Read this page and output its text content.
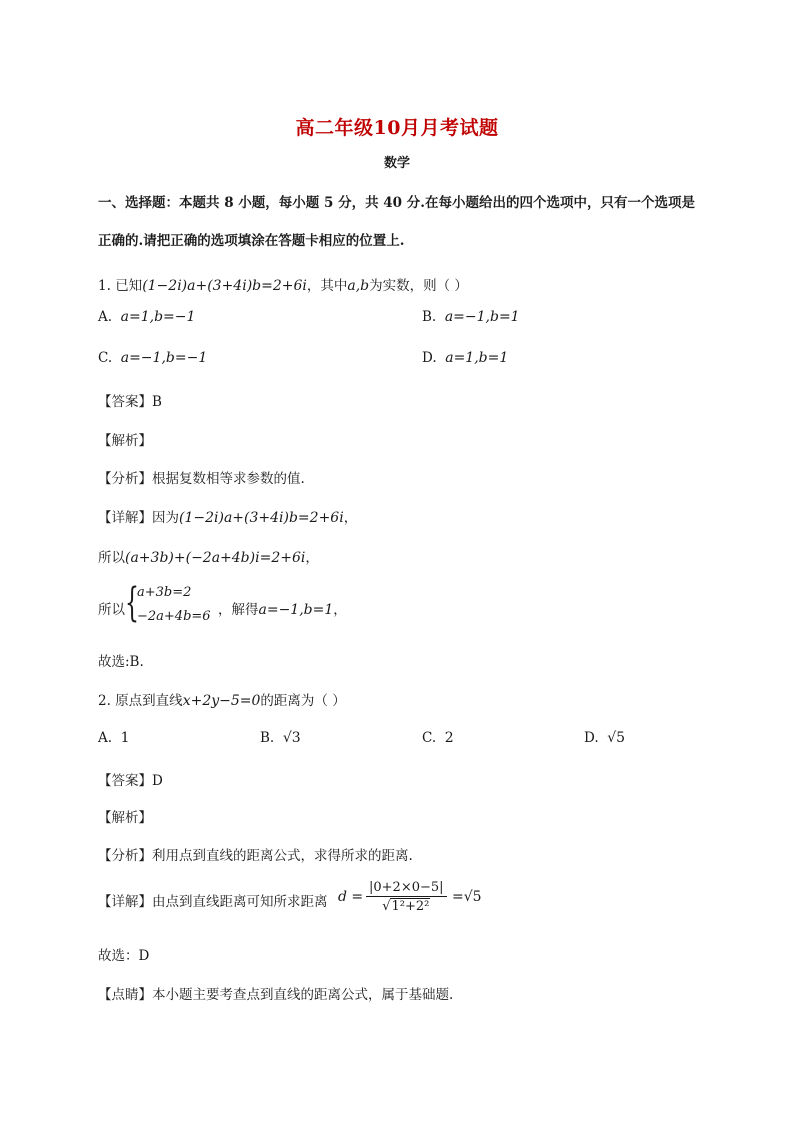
高二年级10月月考试题
数学
一、选择题：本题共 8 小题，每小题 5 分，共 40 分.在每小题给出的四个选项中，只有一个选项是
正确的.请把正确的选项填涂在答题卡相应的位置上.
1. 已知(1−2i)a+(3+4i)b=2+6i，其中a,b为实数，则（ ）
A. a=1,b=−1	B. a=−1,b=1
C. a=−1,b=−1	D. a=1,b=1
【答案】B
【解析】
【分析】根据复数相等求参数的值.
【详解】因为(1−2i)a+(3+4i)b=2+6i，
所以(a+3b)+(−2a+4b)i=2+6i，
所以 {
a+3b=2
−2a+4b=6 ，解得a=−1,b=1，
故选:B.
2. 原点到直线x+2y−5=0的距离为（ ）
A. 1	B. √3	C. 2	D. √5
【答案】D
【解析】
【分析】利用点到直线的距离公式，求得所求的距离.
【详解】由点到直线距离可知所求距离 $d = \frac{|0+2\times 0-5|}{\text{√1²+2²}} =√5$
故选：D
【点睛】本小题主要考查点到直线的距离公式，属于基础题.
